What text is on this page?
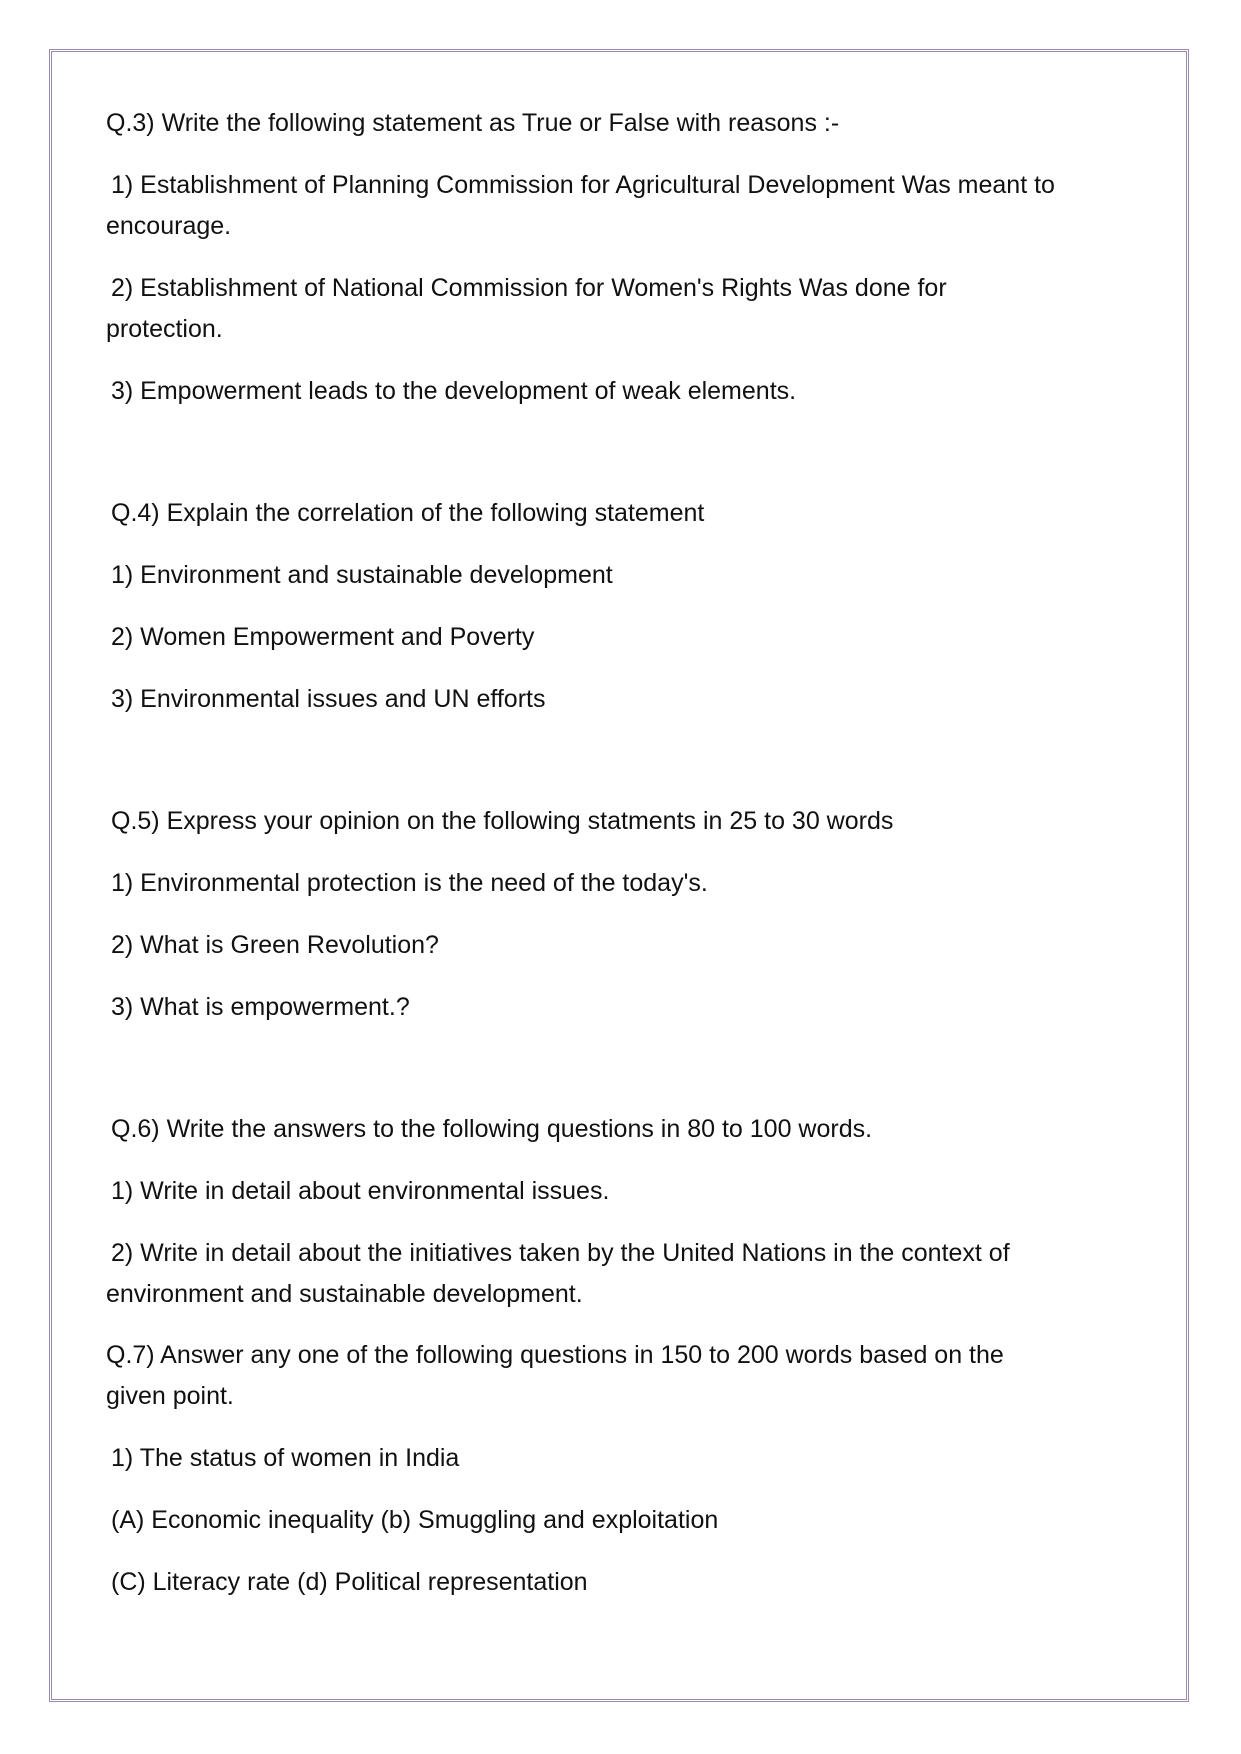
Q.3) Write the following statement as True or False with reasons :-
1) Establishment of Planning Commission for Agricultural Development Was meant to
encourage.
2) Establishment of National Commission for Women's Rights Was done for
protection.
3) Empowerment leads to the development of weak elements.
Q.4) Explain the correlation of the following statement
1) Environment and sustainable development
2) Women Empowerment and Poverty
3) Environmental issues and UN efforts
Q.5) Express your opinion on the following statments in 25 to 30 words
1) Environmental protection is the need of the today's.
2) What is Green Revolution?
3) What is empowerment.?
Q.6) Write the answers to the following questions in 80 to 100 words.
1) Write in detail about environmental issues.
2) Write in detail about the initiatives taken by the United Nations in the context of
environment and sustainable development.
Q.7) Answer any one of the following questions in 150 to 200 words based on the
given point.
1) The status of women in India
(A) Economic inequality (b) Smuggling and exploitation
(C) Literacy rate (d) Political representation
